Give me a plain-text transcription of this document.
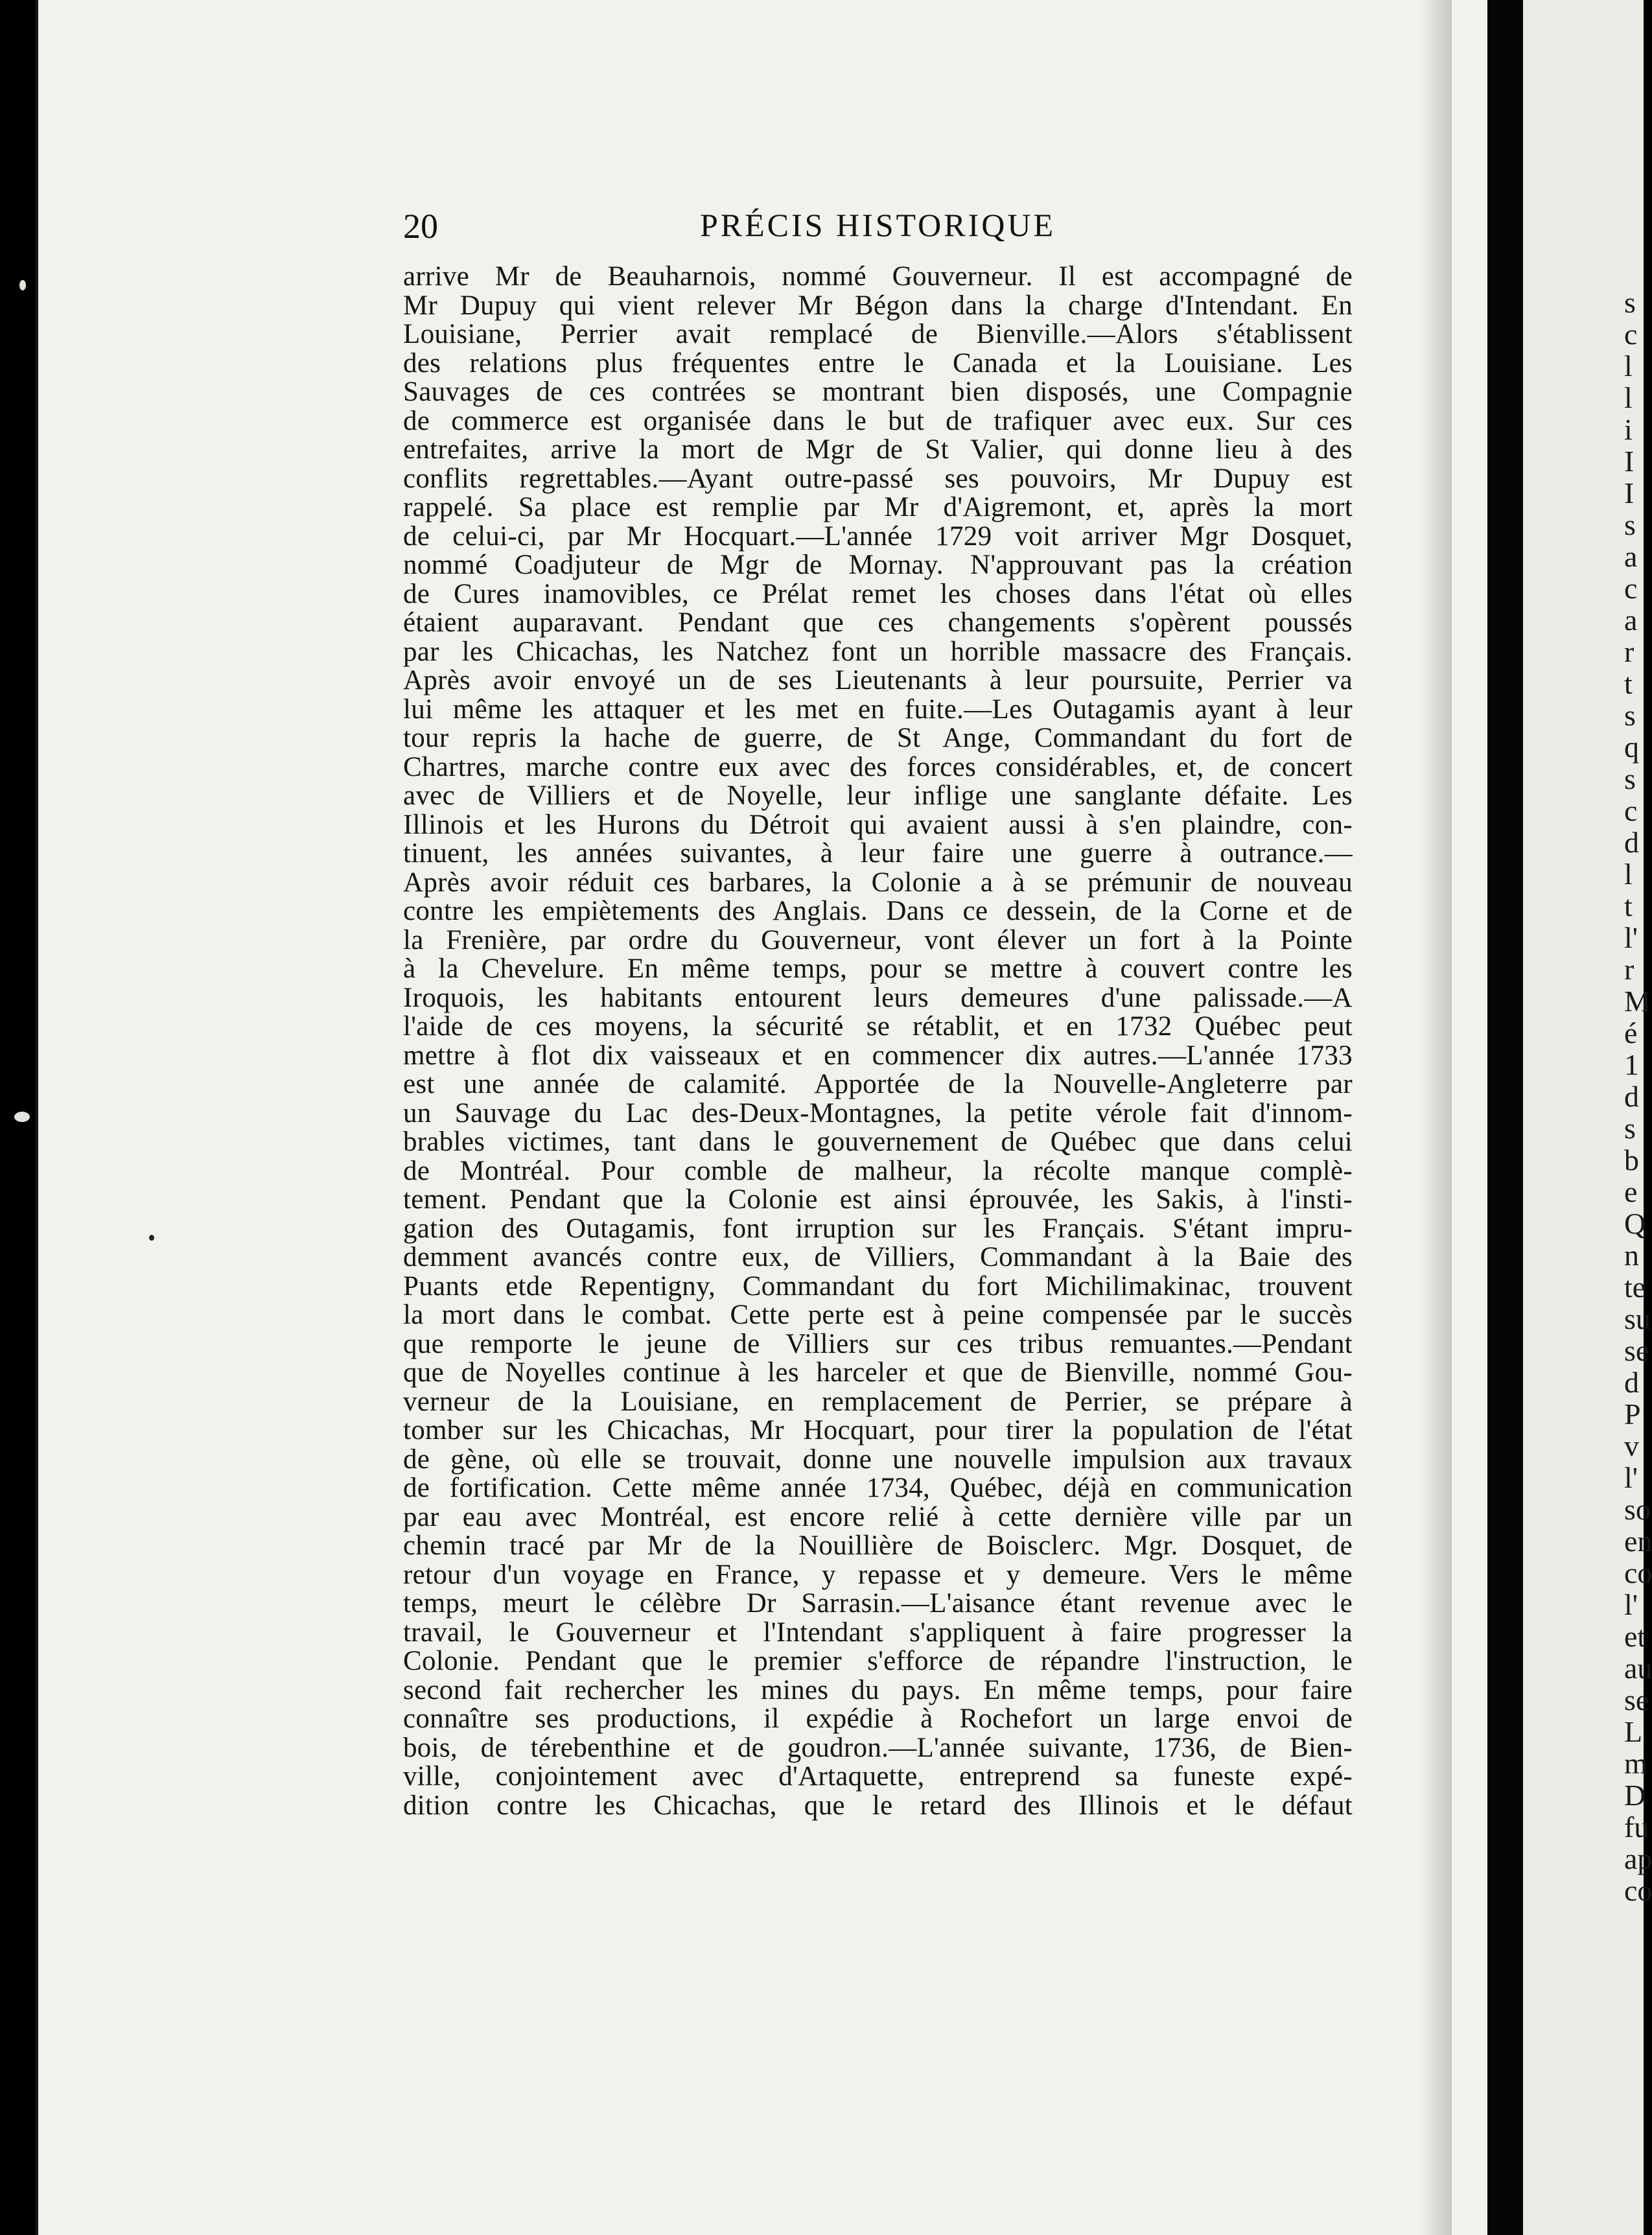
s
c
l
l
i
I
I
s
a
c
a
r
t
s
q
s
c
d
l
t
l'
r
M
é
1
d
s
b
e
Q
n
te
su
se
d
P
v
l'
so
en
co
l'
et
au
se
L
m
D
fu
ap
co
20	PRÉCIS HISTORIQUE
arrive Mr de Beauharnois, nommé Gouverneur. Il est accompagné de
Mr Dupuy qui vient relever Mr Bégon dans la charge d'Intendant. En
Louisiane, Perrier avait remplacé de Bienville.—Alors s'établissent
des relations plus fréquentes entre le Canada et la Louisiane. Les
Sauvages de ces contrées se montrant bien disposés, une Compagnie
de commerce est organisée dans le but de trafiquer avec eux. Sur ces
entrefaites, arrive la mort de Mgr de St Valier, qui donne lieu à des
conflits regrettables.—Ayant outre-passé ses pouvoirs, Mr Dupuy est
rappelé. Sa place est remplie par Mr d'Aigremont, et, après la mort
de celui-ci, par Mr Hocquart.—L'année 1729 voit arriver Mgr Dosquet,
nommé Coadjuteur de Mgr de Mornay. N'approuvant pas la création
de Cures inamovibles, ce Prélat remet les choses dans l'état où elles
étaient auparavant. Pendant que ces changements s'opèrent poussés
par les Chicachas, les Natchez font un horrible massacre des Français.
Après avoir envoyé un de ses Lieutenants à leur poursuite, Perrier va
lui même les attaquer et les met en fuite.—Les Outagamis ayant à leur
tour repris la hache de guerre, de St Ange, Commandant du fort de
Chartres, marche contre eux avec des forces considérables, et, de concert
avec de Villiers et de Noyelle, leur inflige une sanglante défaite. Les
Illinois et les Hurons du Détroit qui avaient aussi à s'en plaindre, con-
tinuent, les années suivantes, à leur faire une guerre à outrance.—
Après avoir réduit ces barbares, la Colonie a à se prémunir de nouveau
contre les empiètements des Anglais. Dans ce dessein, de la Corne et de
la Frenière, par ordre du Gouverneur, vont élever un fort à la Pointe
à la Chevelure. En même temps, pour se mettre à couvert contre les
Iroquois, les habitants entourent leurs demeures d'une palissade.—A
l'aide de ces moyens, la sécurité se rétablit, et en 1732 Québec peut
mettre à flot dix vaisseaux et en commencer dix autres.—L'année 1733
est une année de calamité. Apportée de la Nouvelle-Angleterre par
un Sauvage du Lac des-Deux-Montagnes, la petite vérole fait d'innom-
brables victimes, tant dans le gouvernement de Québec que dans celui
de Montréal. Pour comble de malheur, la récolte manque complè-
tement. Pendant que la Colonie est ainsi éprouvée, les Sakis, à l'insti-
gation des Outagamis, font irruption sur les Français. S'étant impru-
demment avancés contre eux, de Villiers, Commandant à la Baie des
Puants etde Repentigny, Commandant du fort Michilimakinac, trouvent
la mort dans le combat. Cette perte est à peine compensée par le succès
que remporte le jeune de Villiers sur ces tribus remuantes.—Pendant
que de Noyelles continue à les harceler et que de Bienville, nommé Gou-
verneur de la Louisiane, en remplacement de Perrier, se prépare à
tomber sur les Chicachas, Mr Hocquart, pour tirer la population de l'état
de gène, où elle se trouvait, donne une nouvelle impulsion aux travaux
de fortification. Cette même année 1734, Québec, déjà en communication
par eau avec Montréal, est encore relié à cette dernière ville par un
chemin tracé par Mr de la Nouillière de Boisclerc. Mgr. Dosquet, de
retour d'un voyage en France, y repasse et y demeure. Vers le même
temps, meurt le célèbre Dr Sarrasin.—L'aisance étant revenue avec le
travail, le Gouverneur et l'Intendant s'appliquent à faire progresser la
Colonie. Pendant que le premier s'efforce de répandre l'instruction, le
second fait rechercher les mines du pays. En même temps, pour faire
connaître ses productions, il expédie à Rochefort un large envoi de
bois, de térebenthine et de goudron.—L'année suivante, 1736, de Bien-
ville, conjointement avec d'Artaquette, entreprend sa funeste expé-
dition contre les Chicachas, que le retard des Illinois et le défaut
